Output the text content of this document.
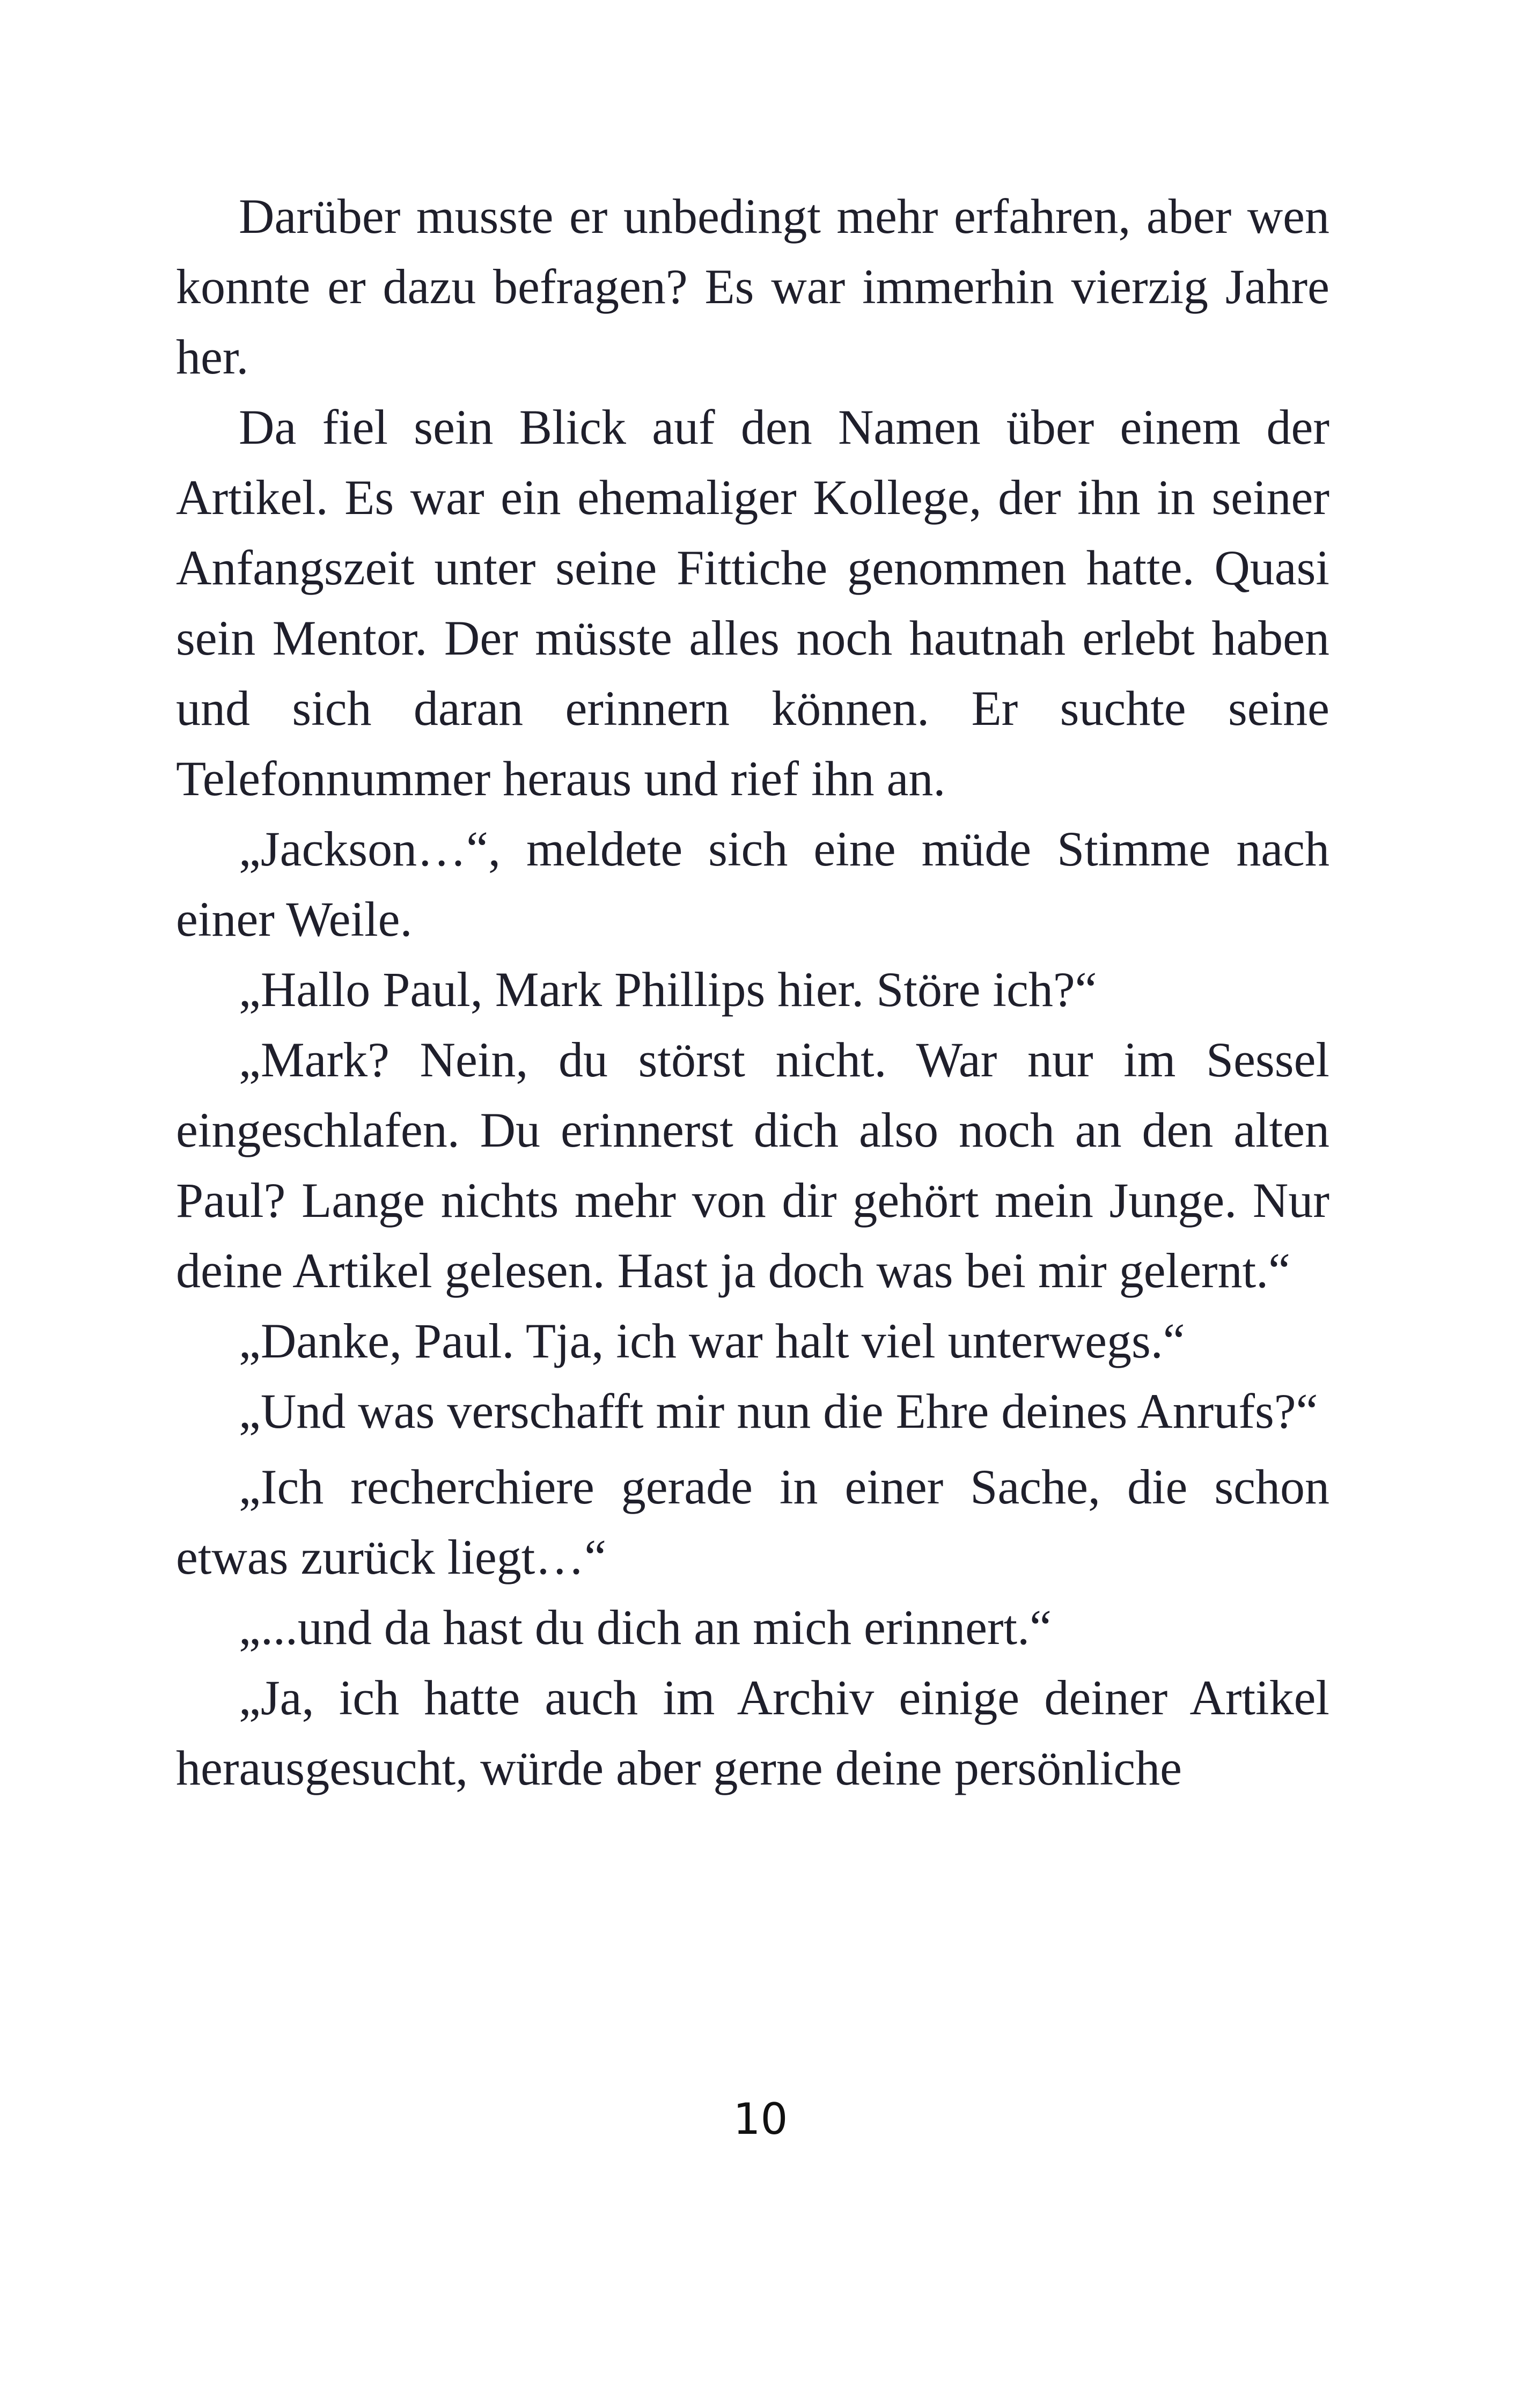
Darüber musste er unbedingt mehr erfahren, aber wen konnte er dazu befragen? Es war immerhin vierzig Jahre her.

Da fiel sein Blick auf den Namen über einem der Artikel. Es war ein ehemaliger Kollege, der ihn in seiner Anfangszeit unter seine Fittiche genommen hatte. Quasi sein Mentor. Der müsste alles noch hautnah erlebt haben und sich daran erinnern können. Er suchte seine Telefonnummer heraus und rief ihn an.

„Jackson…“, meldete sich eine müde Stimme nach einer Weile.

„Hallo Paul, Mark Phillips hier. Störe ich?“

„Mark? Nein, du störst nicht. War nur im Sessel eingeschlafen. Du erinnerst dich also noch an den alten Paul? Lange nichts mehr von dir gehört mein Junge. Nur deine Artikel gelesen. Hast ja doch was bei mir gelernt.“

„Danke, Paul. Tja, ich war halt viel unterwegs.“

„Und was verschafft mir nun die Ehre deines Anrufs?“

„Ich recherchiere gerade in einer Sache, die schon etwas zurück liegt…“

„...und da hast du dich an mich erinnert.“

„Ja, ich hatte auch im Archiv einige deiner Artikel herausgesucht, würde aber gerne deine persönliche

10
